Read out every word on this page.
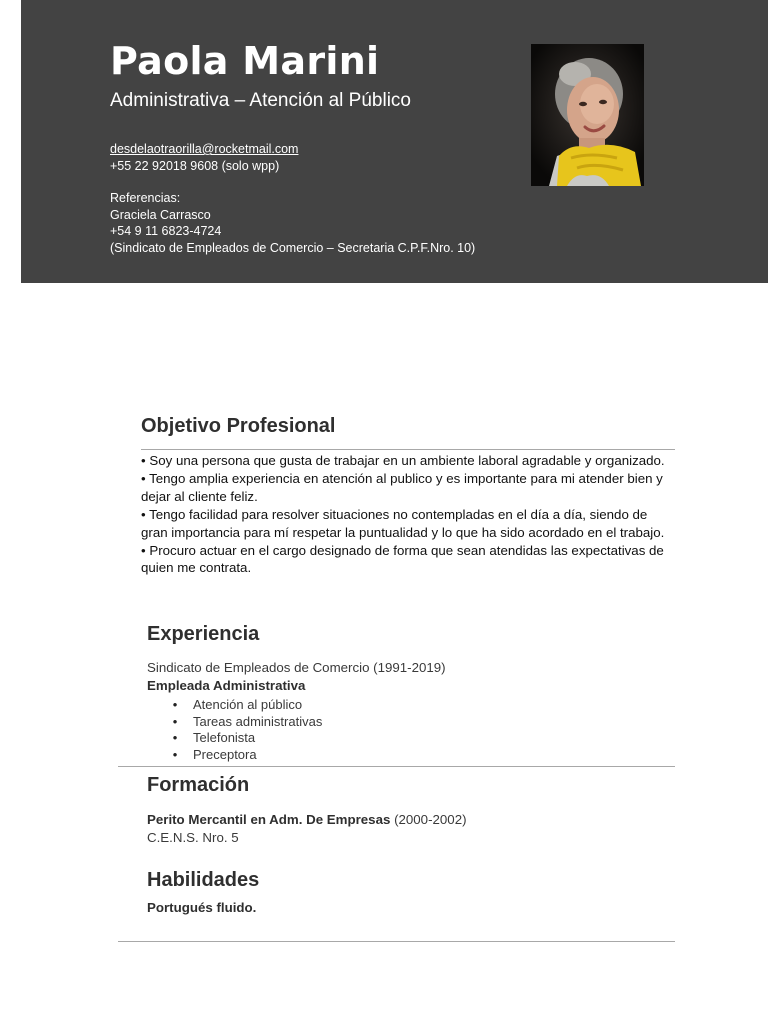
Paola Marini
Administrativa – Atención al Público
desdelaotraorilla@rocketmail.com
+55 22 92018 9608 (solo wpp)
Referencias:
Graciela Carrasco
+54 9 11 6823-4724
(Sindicato de Empleados de Comercio – Secretaria C.P.F.Nro. 10)
Objetivo Profesional

• Soy una persona que gusta de trabajar en un ambiente laboral agradable y organizado.

• Tengo amplia experiencia en atención al publico y es importante para mi atender bien y dejar al cliente feliz.

• Tengo facilidad para resolver situaciones no contempladas en el día a día, siendo de gran importancia para mí respetar la puntualidad y lo que ha sido acordado en el trabajo.

• Procuro actuar en el cargo designado de forma que sean atendidas las expectativas de quien me contrata.

Experiencia
Sindicato de Empleados de Comercio (1991-2019)
Empleada Administrativa
• Atención al público
• Tareas administrativas
• Telefonista
• Preceptora
Formación
Perito Mercantil en Adm. De Empresas (2000-2002)
C.E.N.S. Nro. 5
Habilidades
Portugués fluido.
